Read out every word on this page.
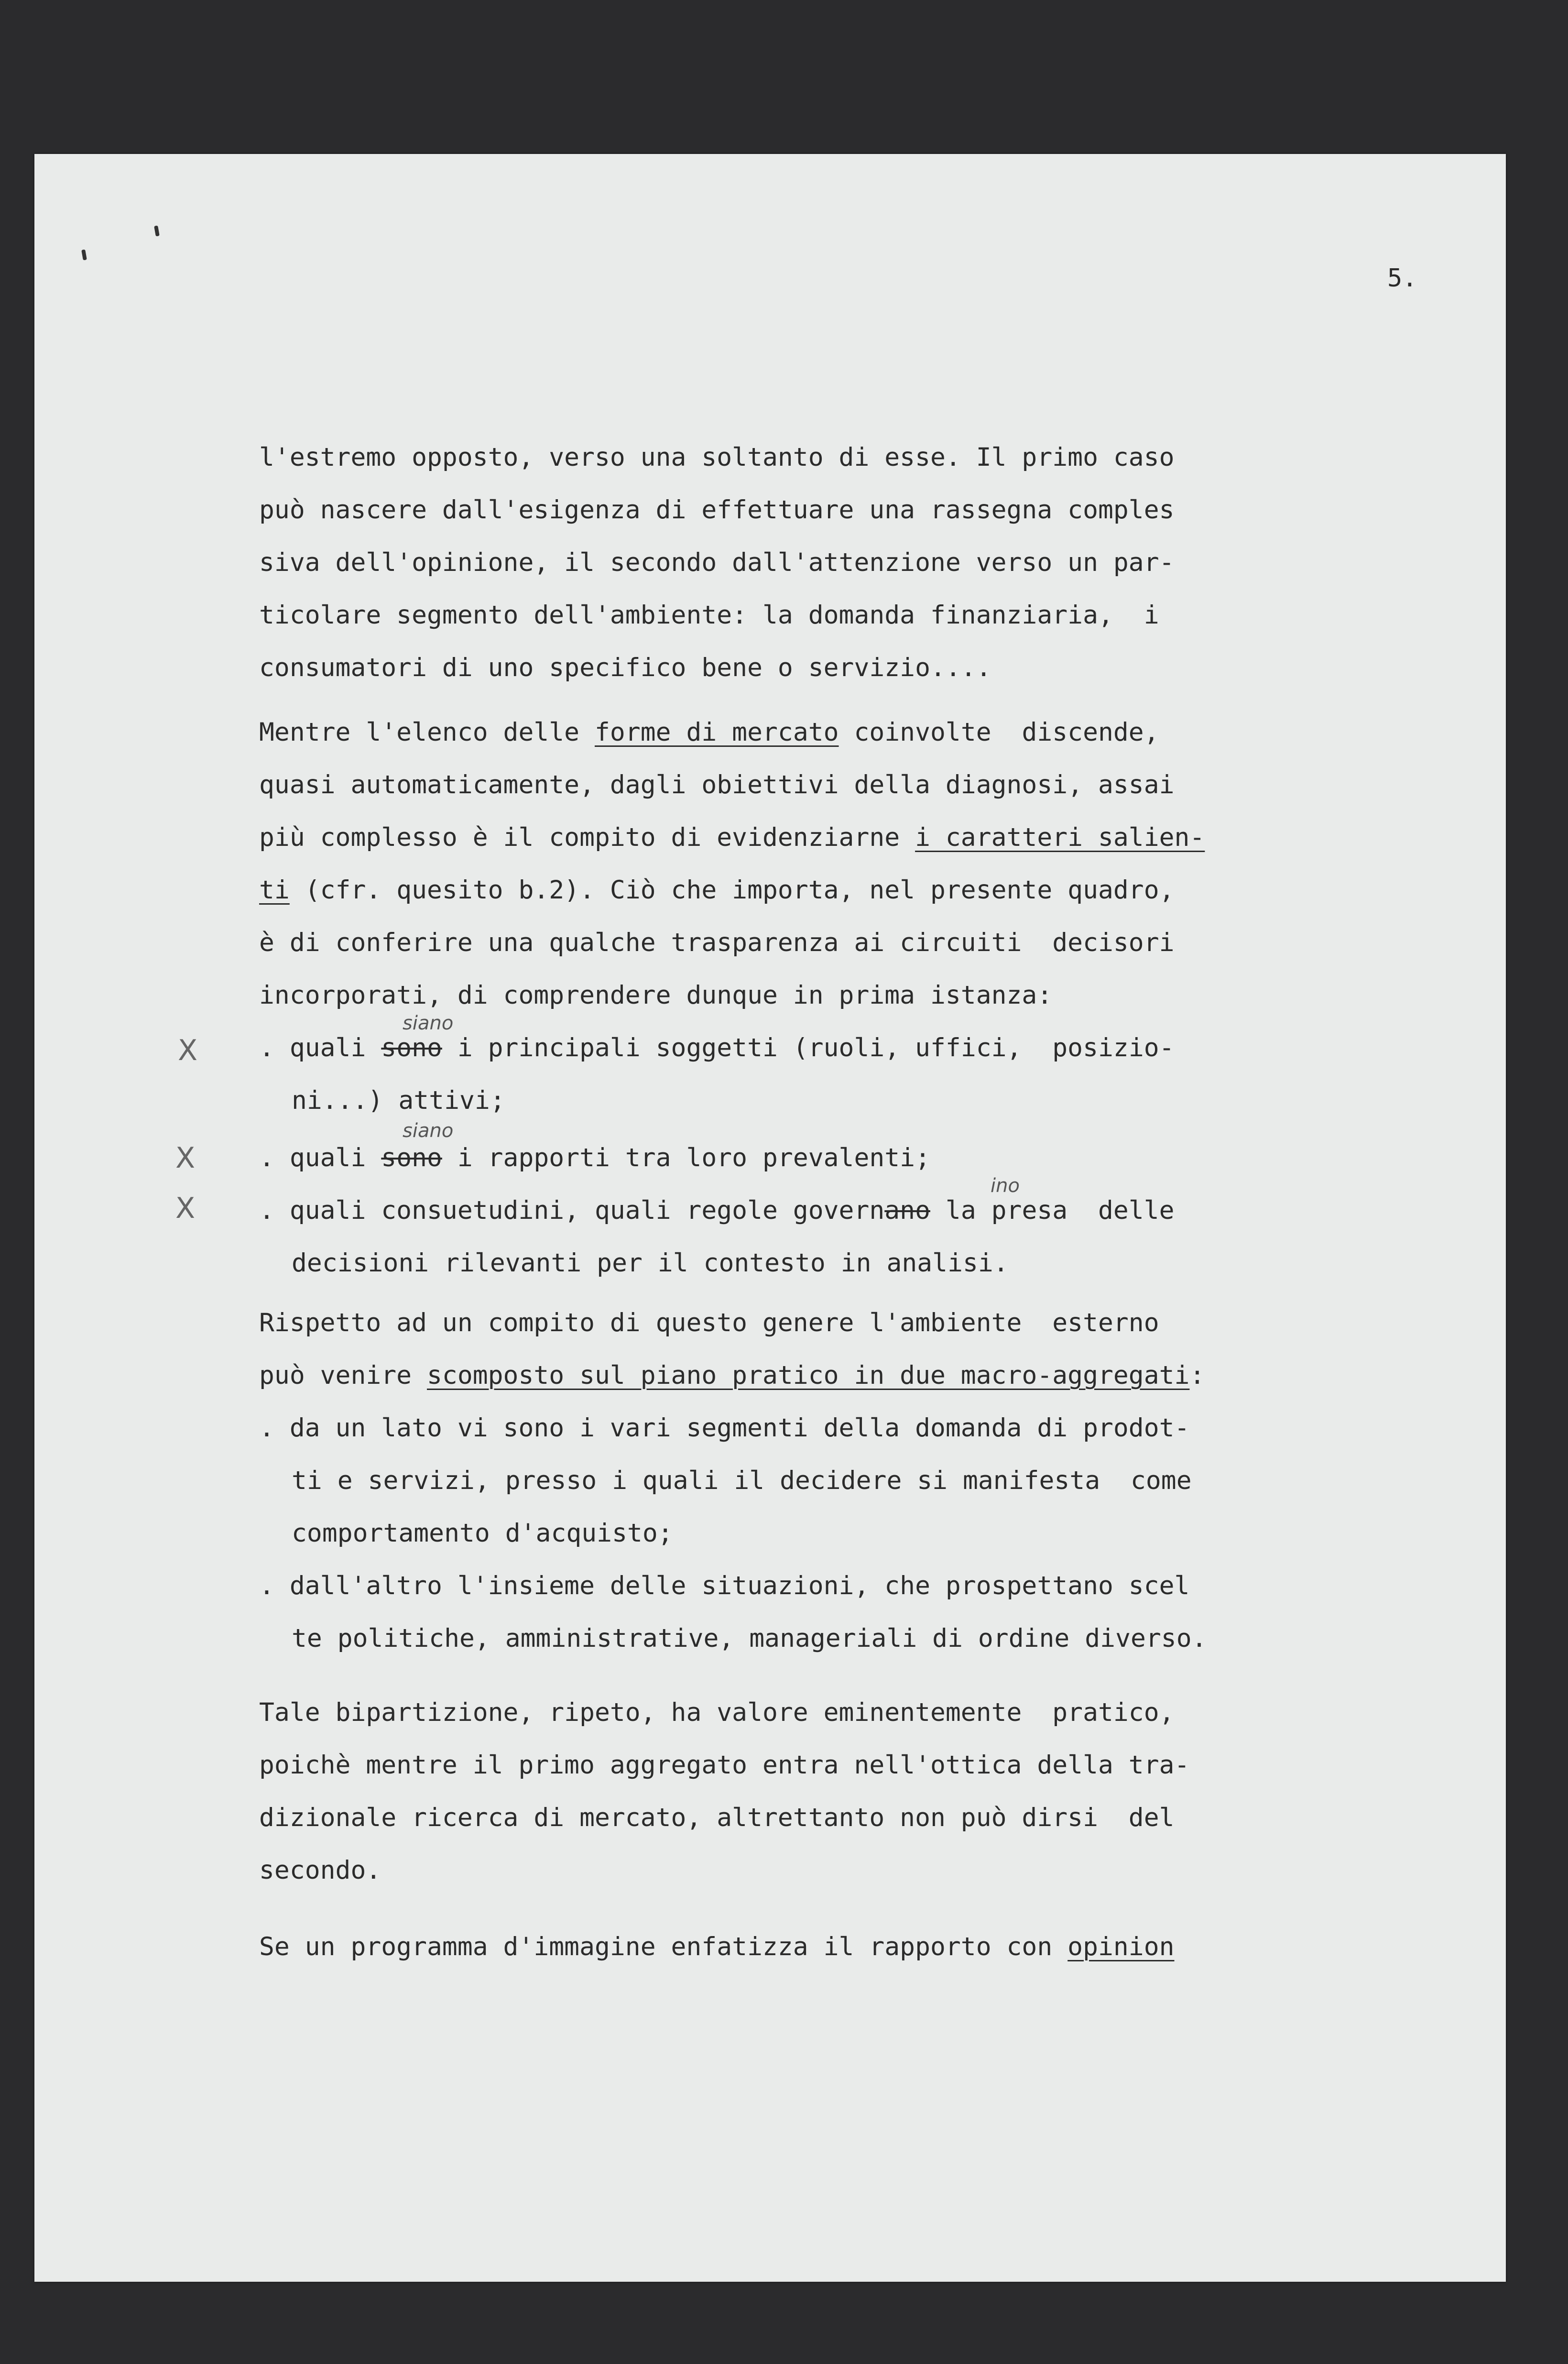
5.

l'estremo opposto, verso una soltanto di esse. Il primo caso

può nascere dall'esigenza di effettuare una rassegna comples

siva dell'opinione, il secondo dall'attenzione verso un par-

ticolare segmento dell'ambiente: la domanda finanziaria,  i

consumatori di uno specifico bene o servizio....

Mentre l'elenco delle forme di mercato coinvolte  discende,

quasi automaticamente, dagli obiettivi della diagnosi, assai

più complesso è il compito di evidenziarne i caratteri salien-

ti (cfr. quesito b.2). Ciò che importa, nel presente quadro,

è di conferire una qualche trasparenza ai circuiti  decisori

incorporati, di comprendere dunque in prima istanza:

. quali sono i principali soggetti (ruoli, uffici,  posizio-

ni...) attivi;

. quali sono i rapporti tra loro prevalenti;

. quali consuetudini, quali regole governano la presa  delle

decisioni rilevanti per il contesto in analisi.

Rispetto ad un compito di questo genere l'ambiente  esterno

può venire scomposto sul piano pratico in due macro-aggregati:

. da un lato vi sono i vari segmenti della domanda di prodot-

ti e servizi, presso i quali il decidere si manifesta  come

comportamento d'acquisto;

. dall'altro l'insieme delle situazioni, che prospettano scel

te politiche, amministrative, manageriali di ordine diverso.

Tale bipartizione, ripeto, ha valore eminentemente  pratico,

poichè mentre il primo aggregato entra nell'ottica della tra-

dizionale ricerca di mercato, altrettanto non può dirsi  del

secondo.

Se un programma d'immagine enfatizza il rapporto con opinion

siano
siano
ino
X
X
X
